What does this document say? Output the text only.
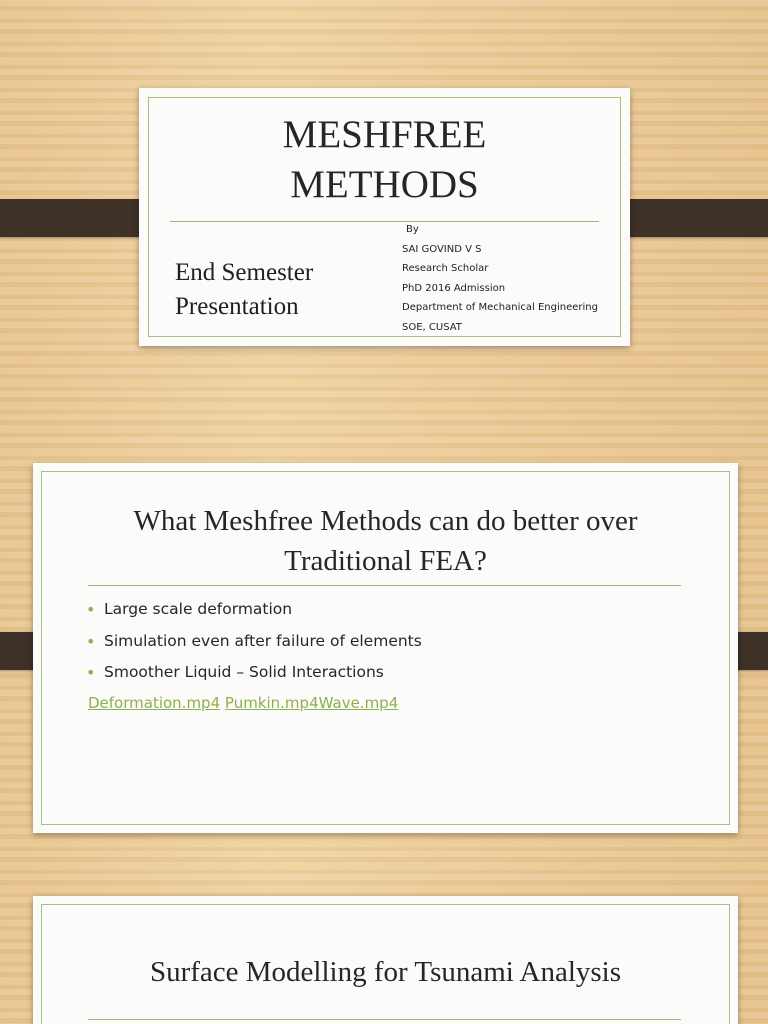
MESHFREE
METHODS
End Semester
Presentation
By
SAI GOVIND V S
Research Scholar
PhD 2016 Admission
Department of Mechanical Engineering
SOE, CUSAT
What Meshfree Methods can do better over
Traditional FEA?
• Large scale deformation
• Simulation even after failure of elements
• Smoother Liquid – Solid Interactions
Deformation.mp4 Pumkin.mp4Wave.mp4
Surface Modelling for Tsunami Analysis
